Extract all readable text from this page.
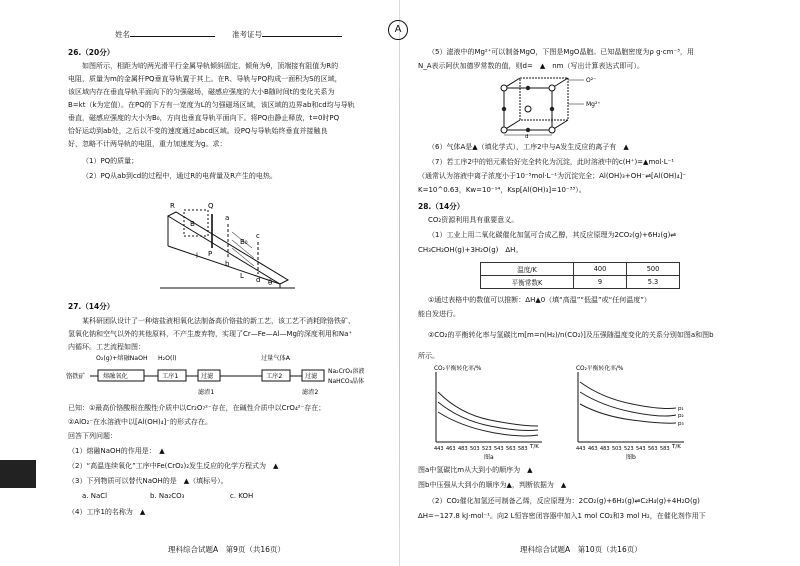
姓名	准考证号	A
26.（20分）
如图所示，相距为l的两光滑平行金属导轨倾斜固定，倾角为θ，顶端接有阻值为R的
电阻，质量为m的金属杆PQ垂直导轨置于其上。在R、导轨与PQ构成一面积为S的区域，
该区域内存在垂直导轨平面向下的匀强磁场，磁感应强度的大小B随时间t的变化关系为
B=kt（k为定值）。在PQ的下方有一宽度为L的匀强磁场区域，该区域的边界ab和cd均与导轨
垂直，磁感应强度的大小为B₀，方向也垂直导轨平面向下。将PQ由静止释放，t=0时PQ
恰好运动到ab处，之后以不变的速度通过abcd区域。设PQ与导轨始终垂直并接触良
好，忽略不计两导轨的电阻，重力加速度为g。求：
（1）PQ的质量；
（2）PQ从ab到cd的过程中，通过R的电荷量及R产生的电热。
R
B
B₀
L
l
θ
Q
P
a
b
c
d
27.（14分）
某科研团队设计了一种熔盐液相氧化法制备高价铬盐的新工艺，该工艺不消耗除铬铁矿、
氢氧化钠和空气以外的其他原料，不产生废弃物，实现了Cr—Fe—Al—Mg的深度利用和Na⁺
内循环。工艺流程如图：
O₂(g)+熔融NaOH H₂O(l)	过量气体A
铬铁矿	熔融氧化	工序1	过滤	工序2	过滤
Na₂CrO₄溶液
NaHCO₃晶体
滤渣1	滤渣2
已知：①最高价铬酸根在酸性介质中以Cr₂O₇²⁻存在，在碱性介质中以CrO₄²⁻存在；
②AlO₂⁻在水溶液中以[Al(OH)₄]⁻的形式存在。
回答下列问题：
（1）熔融NaOH的作用是：　 ▲
（2）“高温连续氧化”工序中Fe(CrO₂)₂发生反应的化学方程式为　 ▲
（3）下列物质可以替代NaOH的是　 ▲（填标号）。
a. NaCl	b. Na₂CO₃	c. KOH
（4）工序1的名称为　 ▲
理科综合试题A　第9页（共16页）
（5）滤液中的Mg²⁺可以制备MgO，下图是MgO晶胞。已知晶胞密度为ρ g·cm⁻³，用
N_A表示阿伏加德罗常数的值，则d=　 ▲　 nm（写出计算表达式即可）。
d
O²⁻
Mg²⁺
（6）气体A是▲（填化学式），工序2中与A发生反应的离子有　 ▲
（7）若工序2中的铝元素恰好完全转化为沉淀，此时溶液中的c(H⁺)=▲mol·L⁻¹
（通常认为溶液中离子浓度小于10⁻⁵mol·L⁻¹为沉淀完全；Al(OH)₃+OH⁻⇌[Al(OH)₄]⁻
K=10^0.63，Kw=10⁻¹⁴，Ksp[Al(OH)₃]=10⁻³³）。
28.（14分）
CO₂资源利用具有重要意义。
（1）工业上用二氧化碳催化加氢可合成乙醇，其反应原理为2CO₂(g)+6H₂(g)⇌
CH₃CH₂OH(g)+3H₂O(g)　ΔH。
温度/K	400	500
平衡常数K	9	5.3
①通过表格中的数值可以推断：ΔH▲0（填“高温”“低温”或“任何温度”）
能自发进行。
②CO₂的平衡转化率与氢碳比m[m=n(H₂)/n(CO₂)]及压强随温度变化的关系分别如图a和图b
所示。
CO₂平衡转化率/%
T/K
443 463 483 503 523 543 563 583
图a
CO₂平衡转化率/%
p₁
p₂
p₃
T/K
443 463 483 503 523 543 563 583
图b
图a中氢碳比m从大到小的顺序为　 ▲
图b中压强从大到小的顺序为▲，判断依据为　 ▲
（2）CO₂催化加氢还可制备乙烯，反应原理为：2CO₂(g)+6H₂(g)⇌C₂H₄(g)+4H₂O(g)
ΔH=−127.8 kJ·mol⁻¹。向2 L恒容密闭容器中加入1 mol CO₂和3 mol H₂，在催化剂作用下
理科综合试题A　第10页（共16页）
